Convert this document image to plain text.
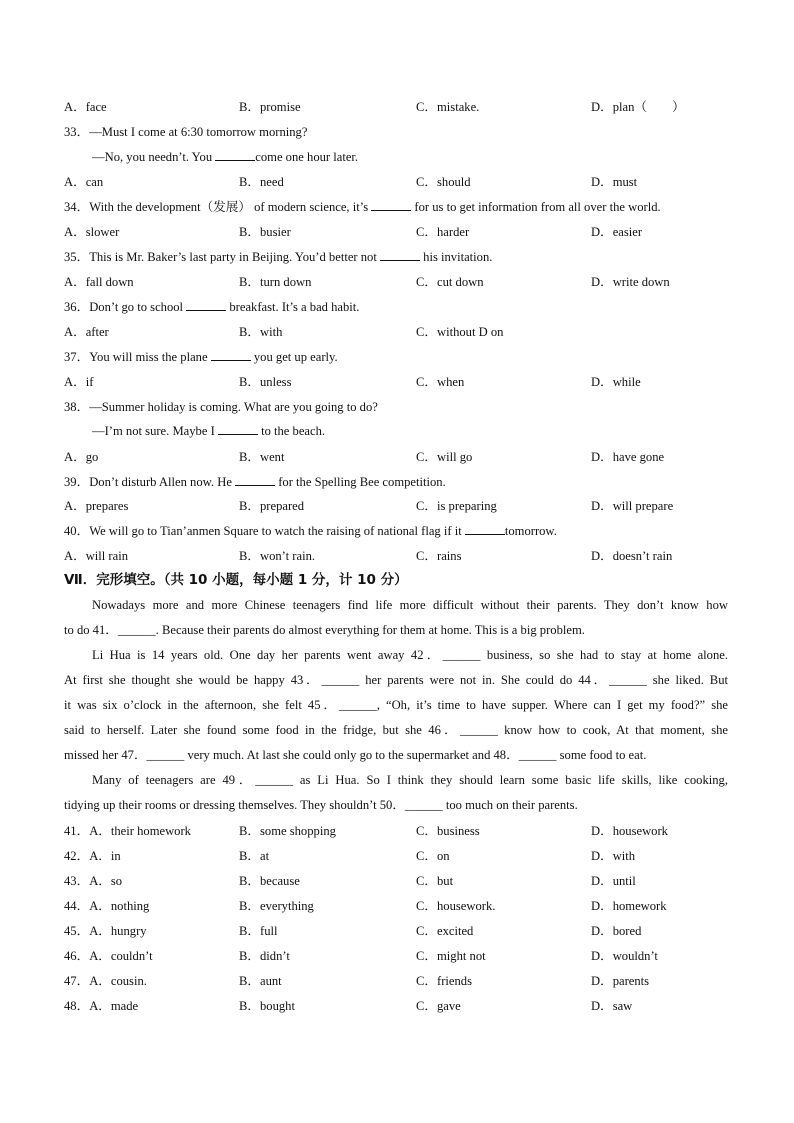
A．face	B．promise	C．mistake.	D．plan（　　）
33．—Must I come at 6:30 tomorrow morning?
—No, you needn’t. You	come one hour later.
A．can	B．need	C．should	D．must
34．With the development（发展） of modern science, it’s	for us to get information from all over the world.
A．slower	B．busier	C．harder	D．easier
35．This is Mr. Baker’s last party in Beijing. You’d better not	his invitation.
A．fall down	B．turn down	C．cut down	D．write down
36．Don’t go to school	breakfast. It’s a bad habit.
A．after	B．with	C．without D on
37．You will miss the plane	you get up early.
A．if	B．unless	C．when	D．while
38．—Summer holiday is coming. What are you going to do?
—I’m not sure. Maybe I	to the beach.
A．go	B．went	C．will go	D．have gone
39．Don’t disturb Allen now. He	for the Spelling Bee competition.
A．prepares	B．prepared	C．is preparing	D．will prepare
40．We will go to Tian’anmen Square to watch the raising of national flag if it	tomorrow.
A．will rain	B．won’t rain.	C．rains	D．doesn’t rain
Ⅶ．完形填空。（共 10 小题，每小题 1 分，计 10 分）
Nowadays more and more Chinese teenagers find life more difficult without their parents. They don’t know how
to do 41．______. Because their parents do almost everything for them at home. This is a big problem.
Li Hua is 14 years old. One day her parents went away 42．______ business, so she had to stay at home alone.
At first she thought she would be happy 43．______ her parents were not in. She could do 44．______ she liked. But
it was six o’clock in the afternoon, she felt 45．______, “Oh, it’s time to have supper. Where can I get my food?” she
said to herself. Later she found some food in the fridge, but she 46．______ know how to cook, At that moment, she
missed her 47．______ very much. At last she could only go to the supermarket and 48．______ some food to eat.
Many of teenagers are 49．______ as Li Hua. So I think they should learn some basic life skills, like cooking,
tidying up their rooms or dressing themselves. They shouldn’t 50．______ too much on their parents.
41．A．their homework	B．some shopping	C．business	D．housework
42．A．in	B．at	C．on	D．with
43．A．so	B．because	C．but	D．until
44．A．nothing	B．everything	C．housework.	D．homework
45．A．hungry	B．full	C．excited	D．bored
46．A．couldn’t	B．didn’t	C．might not	D．wouldn’t
47．A．cousin.	B．aunt	C．friends	D．parents
48．A．made	B．bought	C．gave	D．saw
